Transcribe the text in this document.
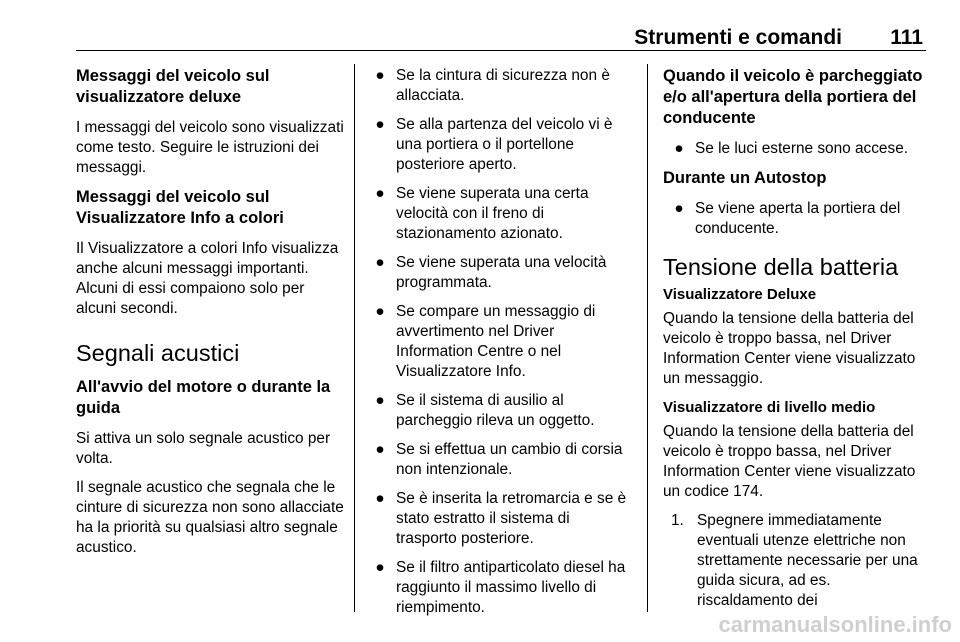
Strumenti e comandi 111
Messaggi del veicolo sul visualizzatore deluxe

I messaggi del veicolo sono visualizzati come testo. Seguire le istruzioni dei messaggi.

Messaggi del veicolo sul Visualizzatore Info a colori

Il Visualizzatore a colori Info visualizza anche alcuni messaggi importanti. Alcuni di essi compaiono solo per alcuni secondi.

Segnali acustici
All'avvio del motore o durante la guida

Si attiva un solo segnale acustico per volta.

Il segnale acustico che segnala che le cinture di sicurezza non sono allacciate ha la priorità su qualsiasi altro segnale acustico.

● Se la cintura di sicurezza non è allacciata.
● Se alla partenza del veicolo vi è una portiera o il portellone posteriore aperto.
● Se viene superata una certa velocità con il freno di stazionamento azionato.
● Se viene superata una velocità programmata.
● Se compare un messaggio di avvertimento nel Driver Information Centre o nel Visualizzatore Info.
● Se il sistema di ausilio al parcheggio rileva un oggetto.
● Se si effettua un cambio di corsia non intenzionale.
● Se è inserita la retromarcia e se è stato estratto il sistema di trasporto posteriore.
● Se il filtro antiparticolato diesel ha raggiunto il massimo livello di riempimento.
Quando il veicolo è parcheggiato e/o all'apertura della portiera del conducente
● Se le luci esterne sono accese.
Durante un Autostop
● Se viene aperta la portiera del conducente.
Tensione della batteria
Visualizzatore Deluxe

Quando la tensione della batteria del veicolo è troppo bassa, nel Driver Information Center viene visualizzato un messaggio.

Visualizzatore di livello medio

Quando la tensione della batteria del veicolo è troppo bassa, nel Driver Information Center viene visualizzato un codice 174.

1. Spegnere immediatamente eventuali utenze elettriche non strettamente necessarie per una guida sicura, ad es. riscaldamento dei
carmanualsonline.info
